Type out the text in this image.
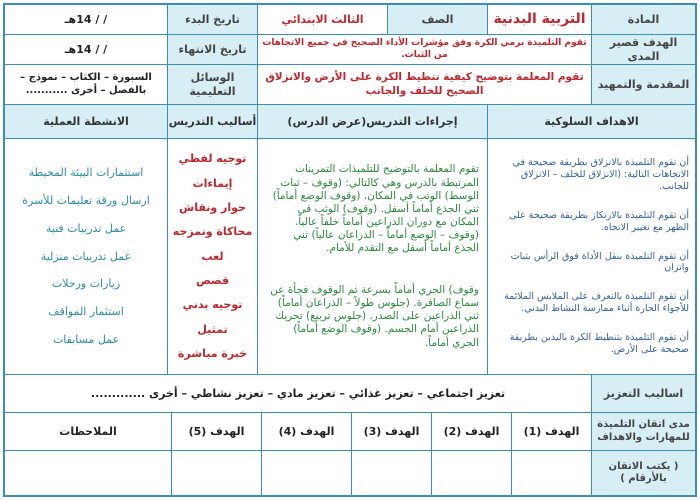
المادة
التربية البدنية
الصف
الثالث الابتدائي
تاريخ البدء
/ / 14هـ
الهدف قصير المدى
تقوم التلميذة برمي الكرة وفق مؤشرات الأداء الصحيح في جميع الاتجاهات من الثبات.
تاريخ الانتهاء
/ / 14هـ
المقدمة والتمهيد
تقوم المعلمة بتوضيح كيفية تنطيط الكرة على الأرض والانزلاق الصحيح للخلف والجانب
الوسائل التعليمية
السبورة – الكتاب – نموذج – بالفصل – أخرى ...........
الاهداف السلوكية
إجراءات التدريس(عرض الدرس)
أساليب التدريس
الانشطة العملية
أن تقوم التلميذة بالانزلاق بطريقة صحيحة في الاتجاهات التالية: (الانزلاق للخلف – الانزلاق للجانب.
أن تقوم التلميذة بالارتكاز بطريقة صحيحة على الظهر مع تغيير الاتجاه.
أن تقوم التلميذة بنقل الأداة فوق الرأس بثبات واتزان
أن تقوم التلميذة بالتعرف على الملابس الملائمة للأجواء الحارة أثناء ممارسة النشاط البدني.
أن تقوم التلميذة بتنطيط الكرة باليدين بطريقة صحيحة على الأرض.
تقوم المعلمة بالتوضيح للتلميذات التمرينات المرتبطة بالدرس وهي كالتالي: (وقوف – ثبات الوسط) الوثب في المكان. (وقوف الوضع أماماً) ثني الجذع أماماً أسفل. (وقوف) الوثب في المكان مع دوران الذراعين أماماً خلفاً عالياً. (وقوف – الوضع أماماً – الذراعان عالياً) ثني الجذع أماماً أسفل مع التقدم للأمام.
وقوف) الجري أماماً بسرعة ثم الوقوف فجأة عن سماع الصافرة. (جلوس طولاً – الذراعان أماماً) ثني الذراعين على الصدر. (جلوس تربيع) تحريك الذراعين أمام الجسم. (وقوف الوضع أماماً) الجري أماماً.
توجيه لفظي
إيماءات
حوار ونقاش
محاكاة ونمزجه
لعب
قصص
توجيه بدني
تمثيل
خبرة مباشرة
استثمارات البيئة المحيطة
ارسال ورقة تعليمات للأسرة
عمل تدريبات فنية
عمل تدريبات منزلية
زيارات ورحلات
استثمار المواقف
عمل مسابقات
اساليب التعزيز
تعزيز اجتماعي – تعزيز غذائي – تعزيز مادي – تعزيز نشاطي – أخرى .............
مدى اتقان التلميذة للمهارات والاهداف
الهدف (1)
الهدف (2)
الهدف (3)
الهدف (4)
الهدف (5)
الملاحظات
( يكتب الاتقان بالأرقام )
